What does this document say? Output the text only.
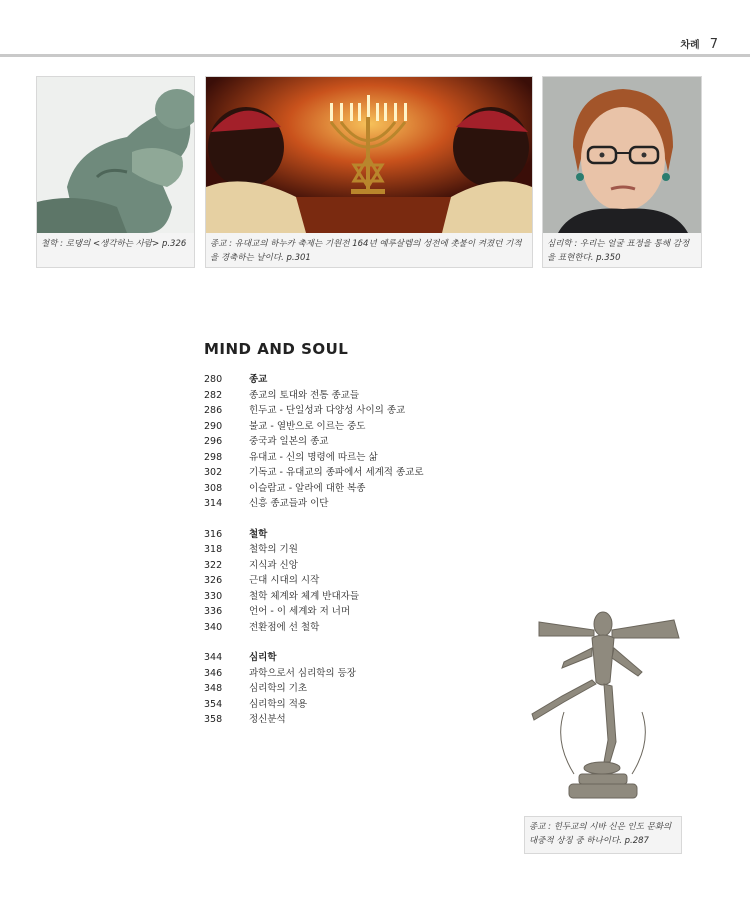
차례 7
철학 : 로댕의 <생각하는 사람> p.326	종교 : 유대교의 하누카 축제는 기원전 164년 예루살렘의 성전에 촛불이 켜졌던 기적을 경축하는 날이다. p.301
심리학 : 우리는 얼굴 표정을 통해 감정을 표현한다. p.350
MIND AND SOUL
280	종교
282	종교의 토대와 전통 종교들
286	힌두교 - 단일성과 다양성 사이의 종교
290	불교 - 열반으로 이르는 중도
296	중국과 일본의 종교
298	유대교 - 신의 명령에 따르는 삶
302	기독교 - 유대교의 종파에서 세계적 종교로
308	이슬람교 - 알라에 대한 복종
314	신흥 종교들과 이단
316	철학
318	철학의 기원
322	지식과 신앙
326	근대 시대의 시작
330	철학 체계와 체계 반대자들
336	언어 - 이 세계와 저 너머
340	전환점에 선 철학
344	심리학
346	과학으로서 심리학의 등장
348	심리학의 기초
354	심리학의 적용
358	정신분석
종교 : 힌두교의 시바 신은 인도 문화의 대중적 상징 중 하나이다. p.287
